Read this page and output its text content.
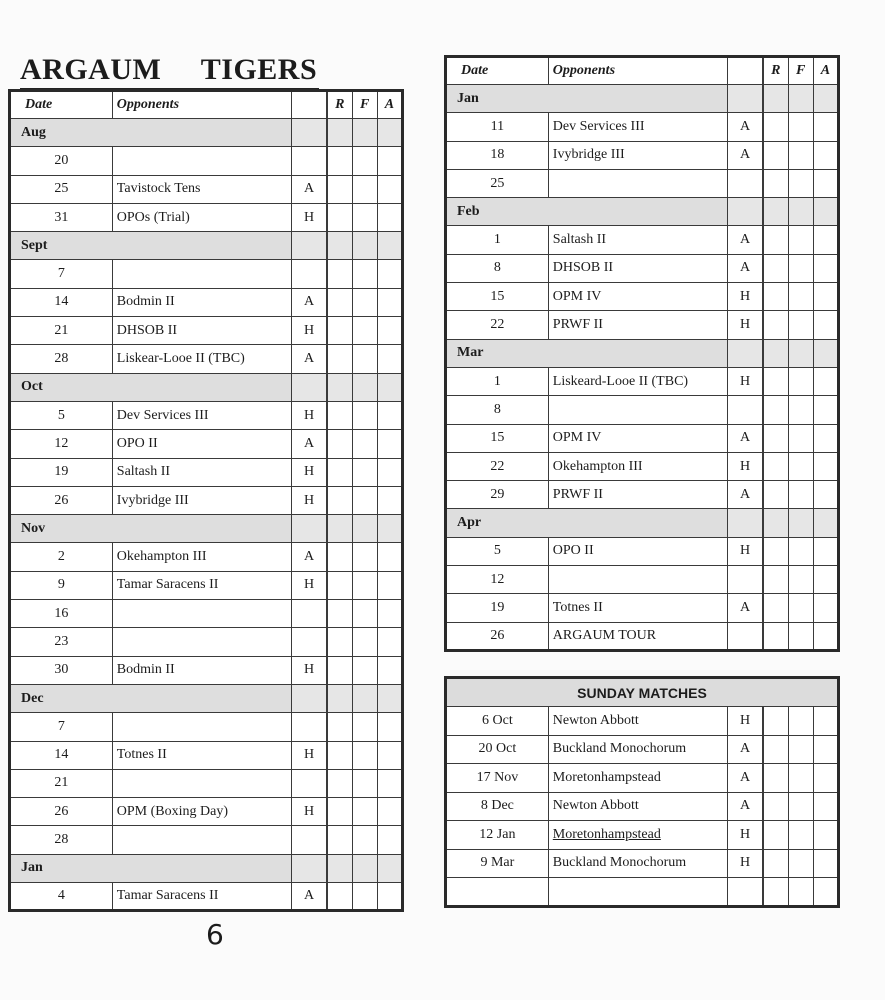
ARGAUM TIGERS
Date	Opponents		R	F	A
Aug					
20					
25	Tavistock Tens	A			
31	OPOs (Trial)	H			
Sept					
7					
14	Bodmin II	A			
21	DHSOB II	H			
28	Liskear-Looe II (TBC)	A			
Oct					
5	Dev Services III	H			
12	OPO II	A			
19	Saltash II	H			
26	Ivybridge III	H			
Nov					
2	Okehampton III	A			
9	Tamar Saracens II	H			
16					
23					
30	Bodmin II	H			
Dec					
7					
14	Totnes II	H			
21					
26	OPM (Boxing Day)	H			
28					
Jan					
4	Tamar Saracens II	A			
Date	Opponents		R	F	A
Jan					
11	Dev Services III	A			
18	Ivybridge III	A			
25					
Feb					
1	Saltash II	A			
8	DHSOB II	A			
15	OPM IV	H			
22	PRWF II	H			
Mar					
1	Liskeard-Looe II (TBC)	H			
8					
15	OPM IV	A			
22	Okehampton III	H			
29	PRWF II	A			
Apr					
5	OPO II	H			
12					
19	Totnes II	A			
26	ARGAUM TOUR				
SUNDAY MATCHES					
6 Oct	Newton Abbott	H			
20 Oct	Buckland Monochorum	A			
17 Nov	Moretonhampstead	A			
8 Dec	Newton Abbott	A			
12 Jan	Moretonhampstead	H			
9 Mar	Buckland Monochorum	H			

6
